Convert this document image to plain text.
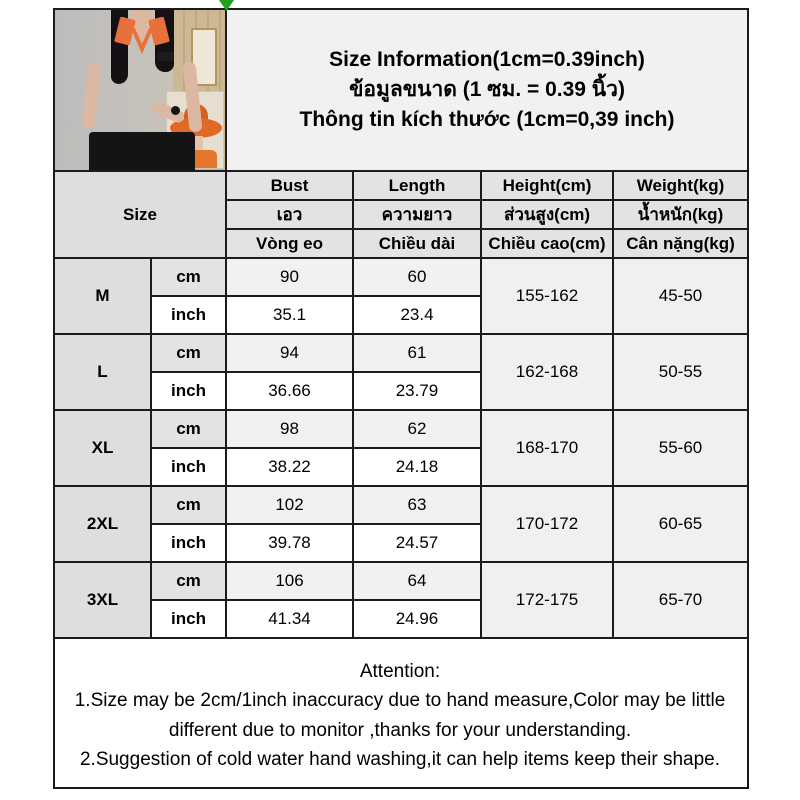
		Size Information(1cm=0.39inch)
ข้อมูลขนาด (1 ซม. = 0.39 นิ้ว)
Thông tin kích thước (1cm=0,39 inch)			

Size		Bust	Length	Height(cm)	Weight(kg)
		เอว	ความยาว	ส่วนสูง(cm)	น้ำหนัก(kg)
		Vòng eo	Chiều dài	Chiều cao(cm)	Cân nặng(kg)
M	cm	90	60	155-162	45-50
	inch	35.1	23.4		
L	cm	94	61	162-168	50-55
	inch	36.66	23.79		
XL	cm	98	62	168-170	55-60
	inch	38.22	24.18		
2XL	cm	102	63	170-172	60-65
	inch	39.78	24.57		
3XL	cm	106	64	172-175	65-70
	inch	41.34	24.96		

Attention:
1.Size may be 2cm/1inch inaccuracy due to hand measure,Color may be little different due to monitor ,thanks for your understanding.
2.Suggestion of cold water hand washing,it can help items keep their shape.					
